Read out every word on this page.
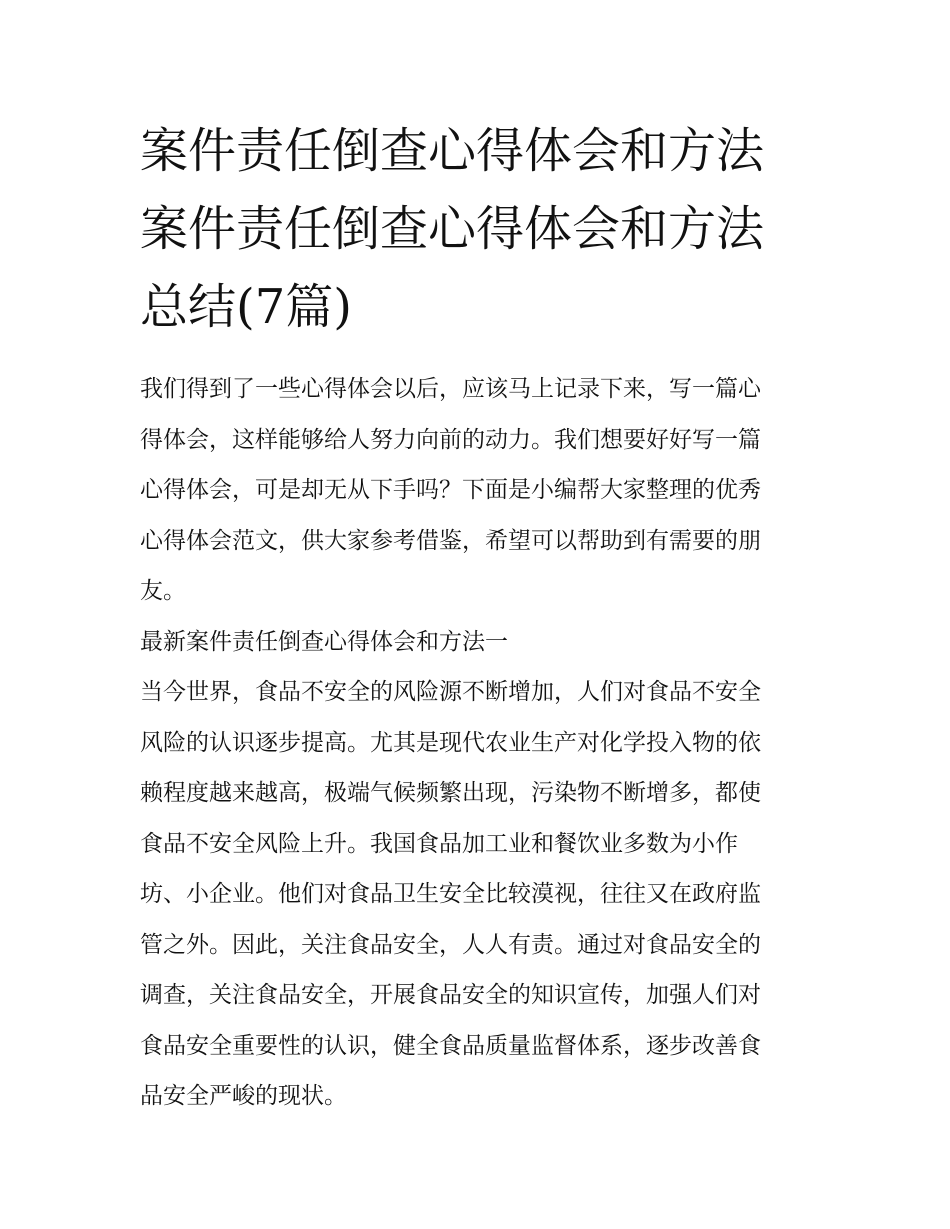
案件责任倒查心得体会和方法
案件责任倒查心得体会和方法
总结(7篇)

我们得到了一些心得体会以后，应该马上记录下来，写一篇心
得体会，这样能够给人努力向前的动力。我们想要好好写一篇
心得体会，可是却无从下手吗？下面是小编帮大家整理的优秀
心得体会范文，供大家参考借鉴，希望可以帮助到有需要的朋
友。

最新案件责任倒查心得体会和方法一

当今世界，食品不安全的风险源不断增加，人们对食品不安全
风险的认识逐步提高。尤其是现代农业生产对化学投入物的依
赖程度越来越高，极端气候频繁出现，污染物不断增多，都使
食品不安全风险上升。我国食品加工业和餐饮业多数为小作
坊、小企业。他们对食品卫生安全比较漠视，往往又在政府监
管之外。因此，关注食品安全，人人有责。通过对食品安全的
调查，关注食品安全，开展食品安全的知识宣传，加强人们对
食品安全重要性的认识，健全食品质量监督体系，逐步改善食
品安全严峻的现状。
